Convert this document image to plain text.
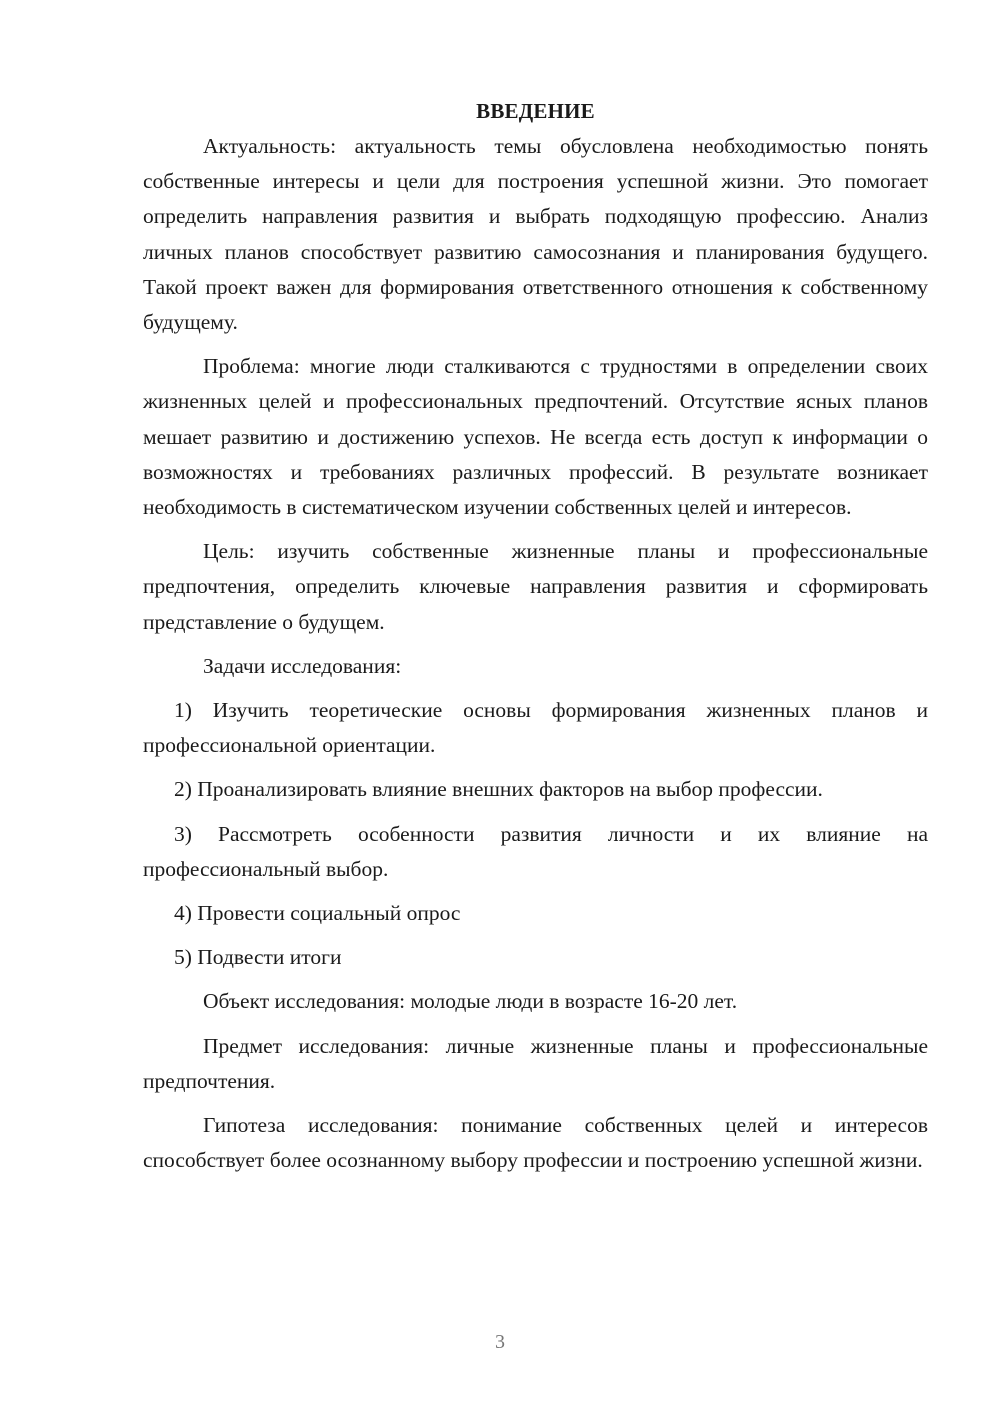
ВВЕДЕНИЕ

Актуальность: актуальность темы обусловлена необходимостью понять собственные интересы и цели для построения успешной жизни. Это помогает определить направления развития и выбрать подходящую профессию. Анализ личных планов способствует развитию самосознания и планирования будущего. Такой проект важен для формирования ответственного отношения к собственному будущему.

Проблема: многие люди сталкиваются с трудностями в определении своих жизненных целей и профессиональных предпочтений. Отсутствие ясных планов мешает развитию и достижению успехов. Не всегда есть доступ к информации о возможностях и требованиях различных профессий. В результате возникает необходимость в систематическом изучении собственных целей и интересов.

Цель: изучить собственные жизненные планы и профессиональные предпочтения, определить ключевые направления развития и сформировать представление о будущем.

Задачи исследования:

1) Изучить теоретические основы формирования жизненных планов и профессиональной ориентации.

2) Проанализировать влияние внешних факторов на выбор профессии.

3) Рассмотреть особенности развития личности и их влияние на профессиональный выбор.

4) Провести социальный опрос

5) Подвести итоги

Объект исследования: молодые люди в возрасте 16-20 лет.

Предмет исследования: личные жизненные планы и профессиональные предпочтения.

Гипотеза исследования: понимание собственных целей и интересов способствует более осознанному выбору профессии и построению успешной жизни.

3
